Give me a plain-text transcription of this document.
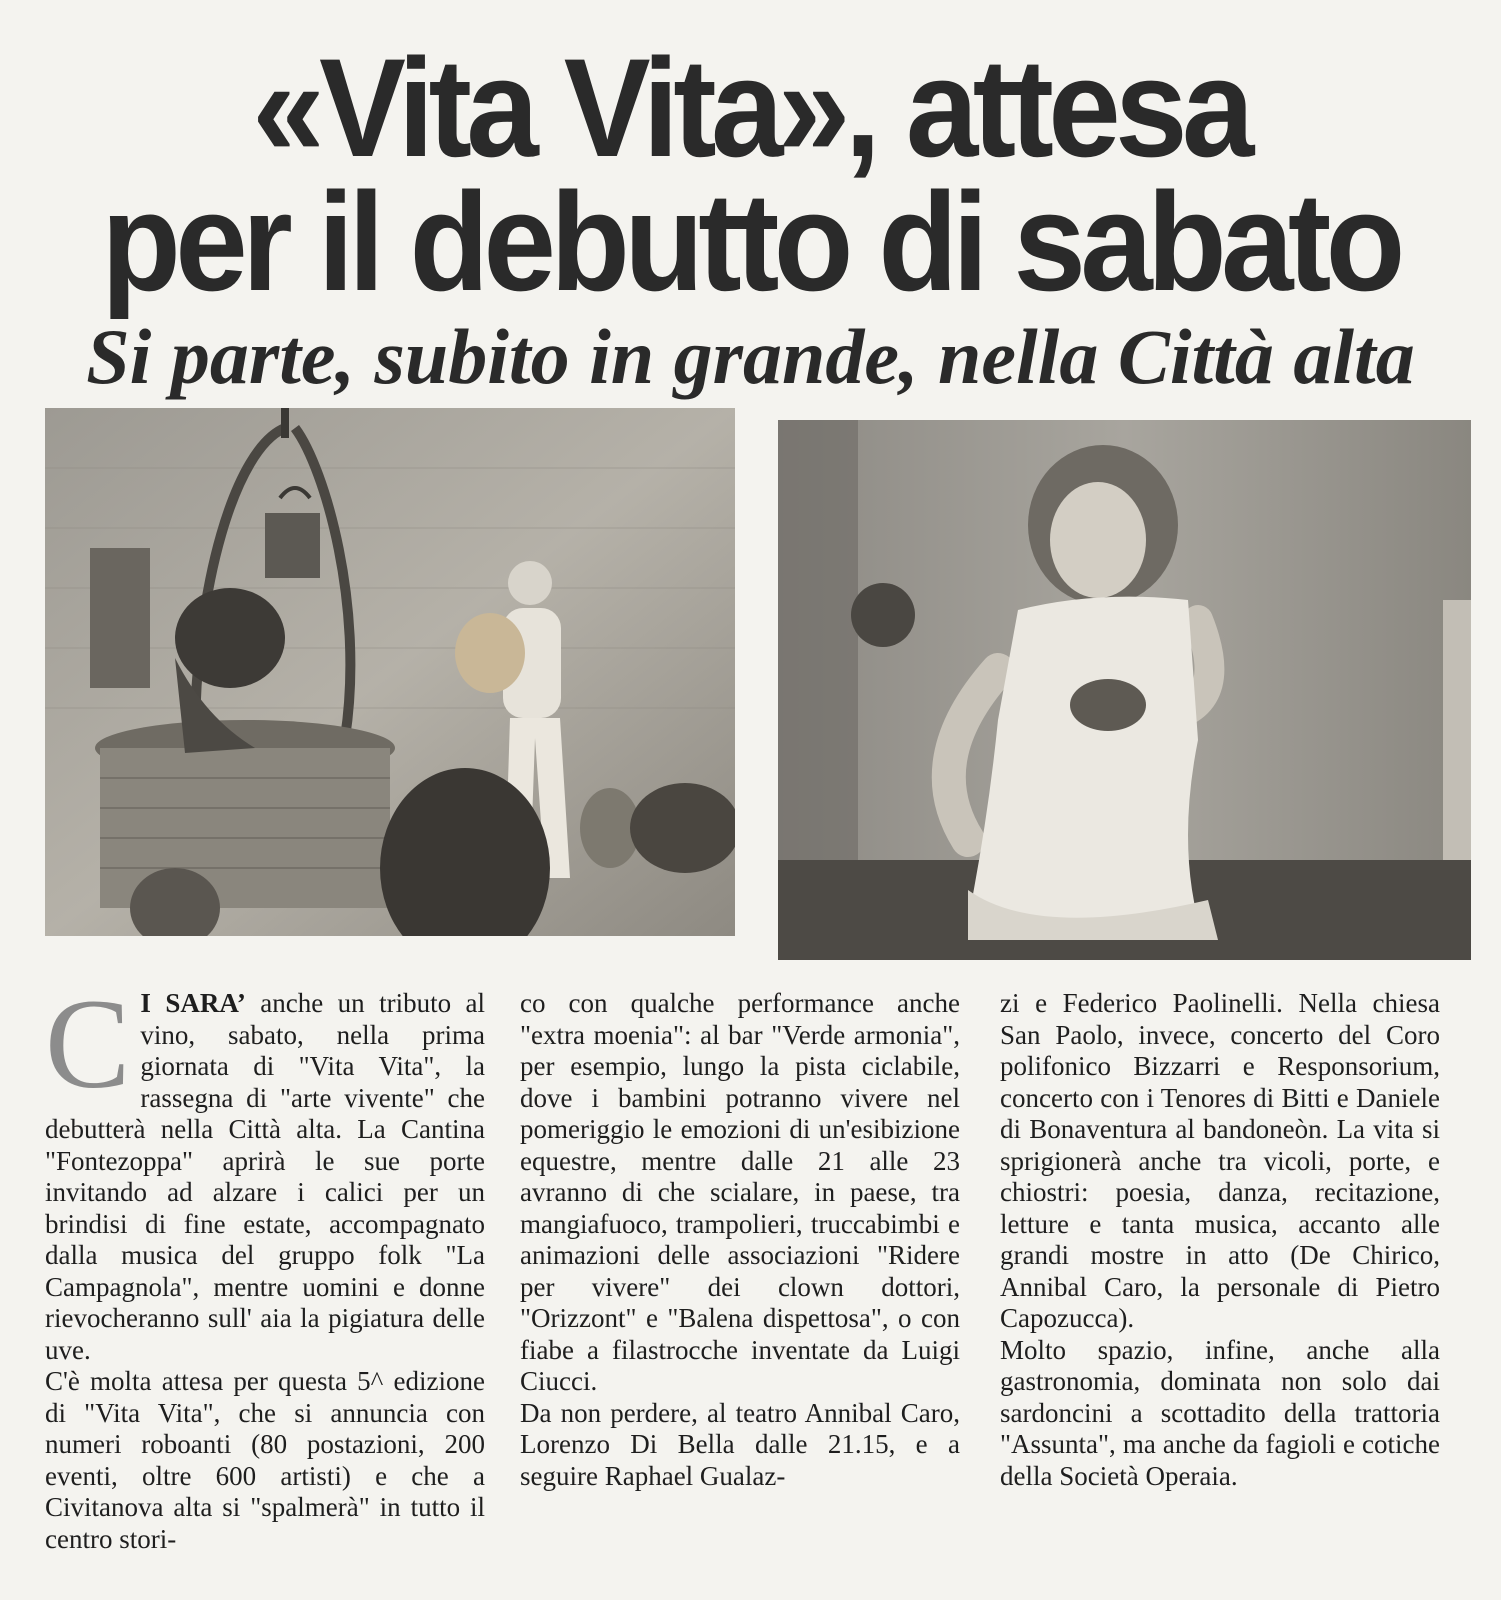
«Vita Vita», attesa
per il debutto di sabato
Si parte, subito in grande, nella Città alta

C I SARA’ anche un tributo al vino, sabato, nella prima giornata di "Vita Vita", la rassegna di "arte vivente" che debutterà nella Città alta. La Cantina "Fontezoppa" aprirà le sue porte invitando ad alzare i calici per un brindisi di fine estate, accompagnato dalla musica del gruppo folk "La Campagnola", mentre uomini e donne rievocheranno sull' aia la pigiatura delle uve.

C'è molta attesa per questa 5^ edizione di "Vita Vita", che si annuncia con numeri roboanti (80 postazioni, 200 eventi, oltre 600 artisti) e che a Civitanova alta si "spalmerà" in tutto il centro stori-

co con qualche performance anche "extra moenia": al bar "Verde armonia", per esempio, lungo la pista ciclabile, dove i bambini potranno vivere nel pomeriggio le emozioni di un'esibizione equestre, mentre dalle 21 alle 23 avranno di che scialare, in paese, tra mangiafuoco, trampolieri, truccabimbi e animazioni delle associazioni "Ridere per vivere" dei clown dottori, "Orizzont" e "Balena dispettosa", o con fiabe a filastrocche inventate da Luigi Ciucci.

Da non perdere, al teatro Annibal Caro, Lorenzo Di Bella dalle 21.15, e a seguire Raphael Gualaz-

zi e Federico Paolinelli. Nella chiesa San Paolo, invece, concerto del Coro polifonico Bizzarri e Responsorium, concerto con i Tenores di Bitti e Daniele di Bonaventura al bandoneòn. La vita si sprigionerà anche tra vicoli, porte, e chiostri: poesia, danza, recitazione, letture e tanta musica, accanto alle grandi mostre in atto (De Chirico, Annibal Caro, la personale di Pietro Capozucca).

Molto spazio, infine, anche alla gastronomia, dominata non solo dai sardoncini a scottadito della trattoria "Assunta", ma anche da fagioli e cotiche della Società Operaia.
